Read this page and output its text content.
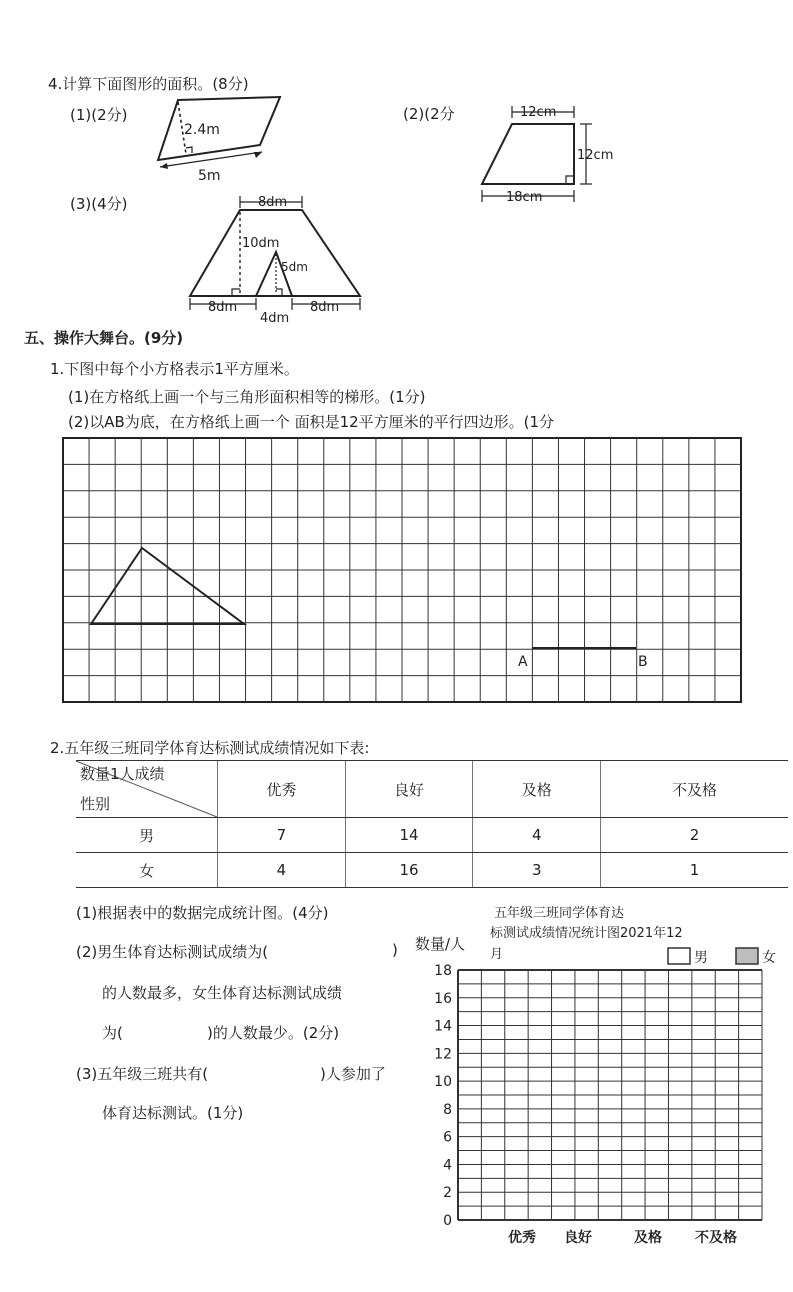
4.计算下面图形的面积。(8分)
(1)(2分)
2.4m
5m
(2)(2分	12cm
12cm
18cm
(3)(4分)	8dm
10dm
5dm
8dm	8dm
4dm
五、操作大舞台。(9分)
1.下图中每个小方格表示1平方厘米。
(1)在方格纸上画一个与三角形面积相等的梯形。(1分)
(2)以AB为底，在方格纸上画一个 面积是12平方厘米的平行四边形。(1分
A	B
2.五年级三班同学体育达标测试成绩情况如下表:
数量1人成绩
性别	优秀	良好	及格	不及格
男	7	14	4	2
女	4	16	3	1
(1)根据表中的数据完成统计图。(4分)
(2)男生体育达标测试成绩为(	)
的人数最多，女生体育达标测试成绩
为(	)的人数最少。(2分)
(3)五年级三班共有(	)人参加了
体育达标测试。(1分)
五年级三班同学体育达
标测试成绩情况统计图2021年12
月
数量/人
0
2
4
6
8
10
12
14
16
18
优秀 良好	及格 不及格
男	女
